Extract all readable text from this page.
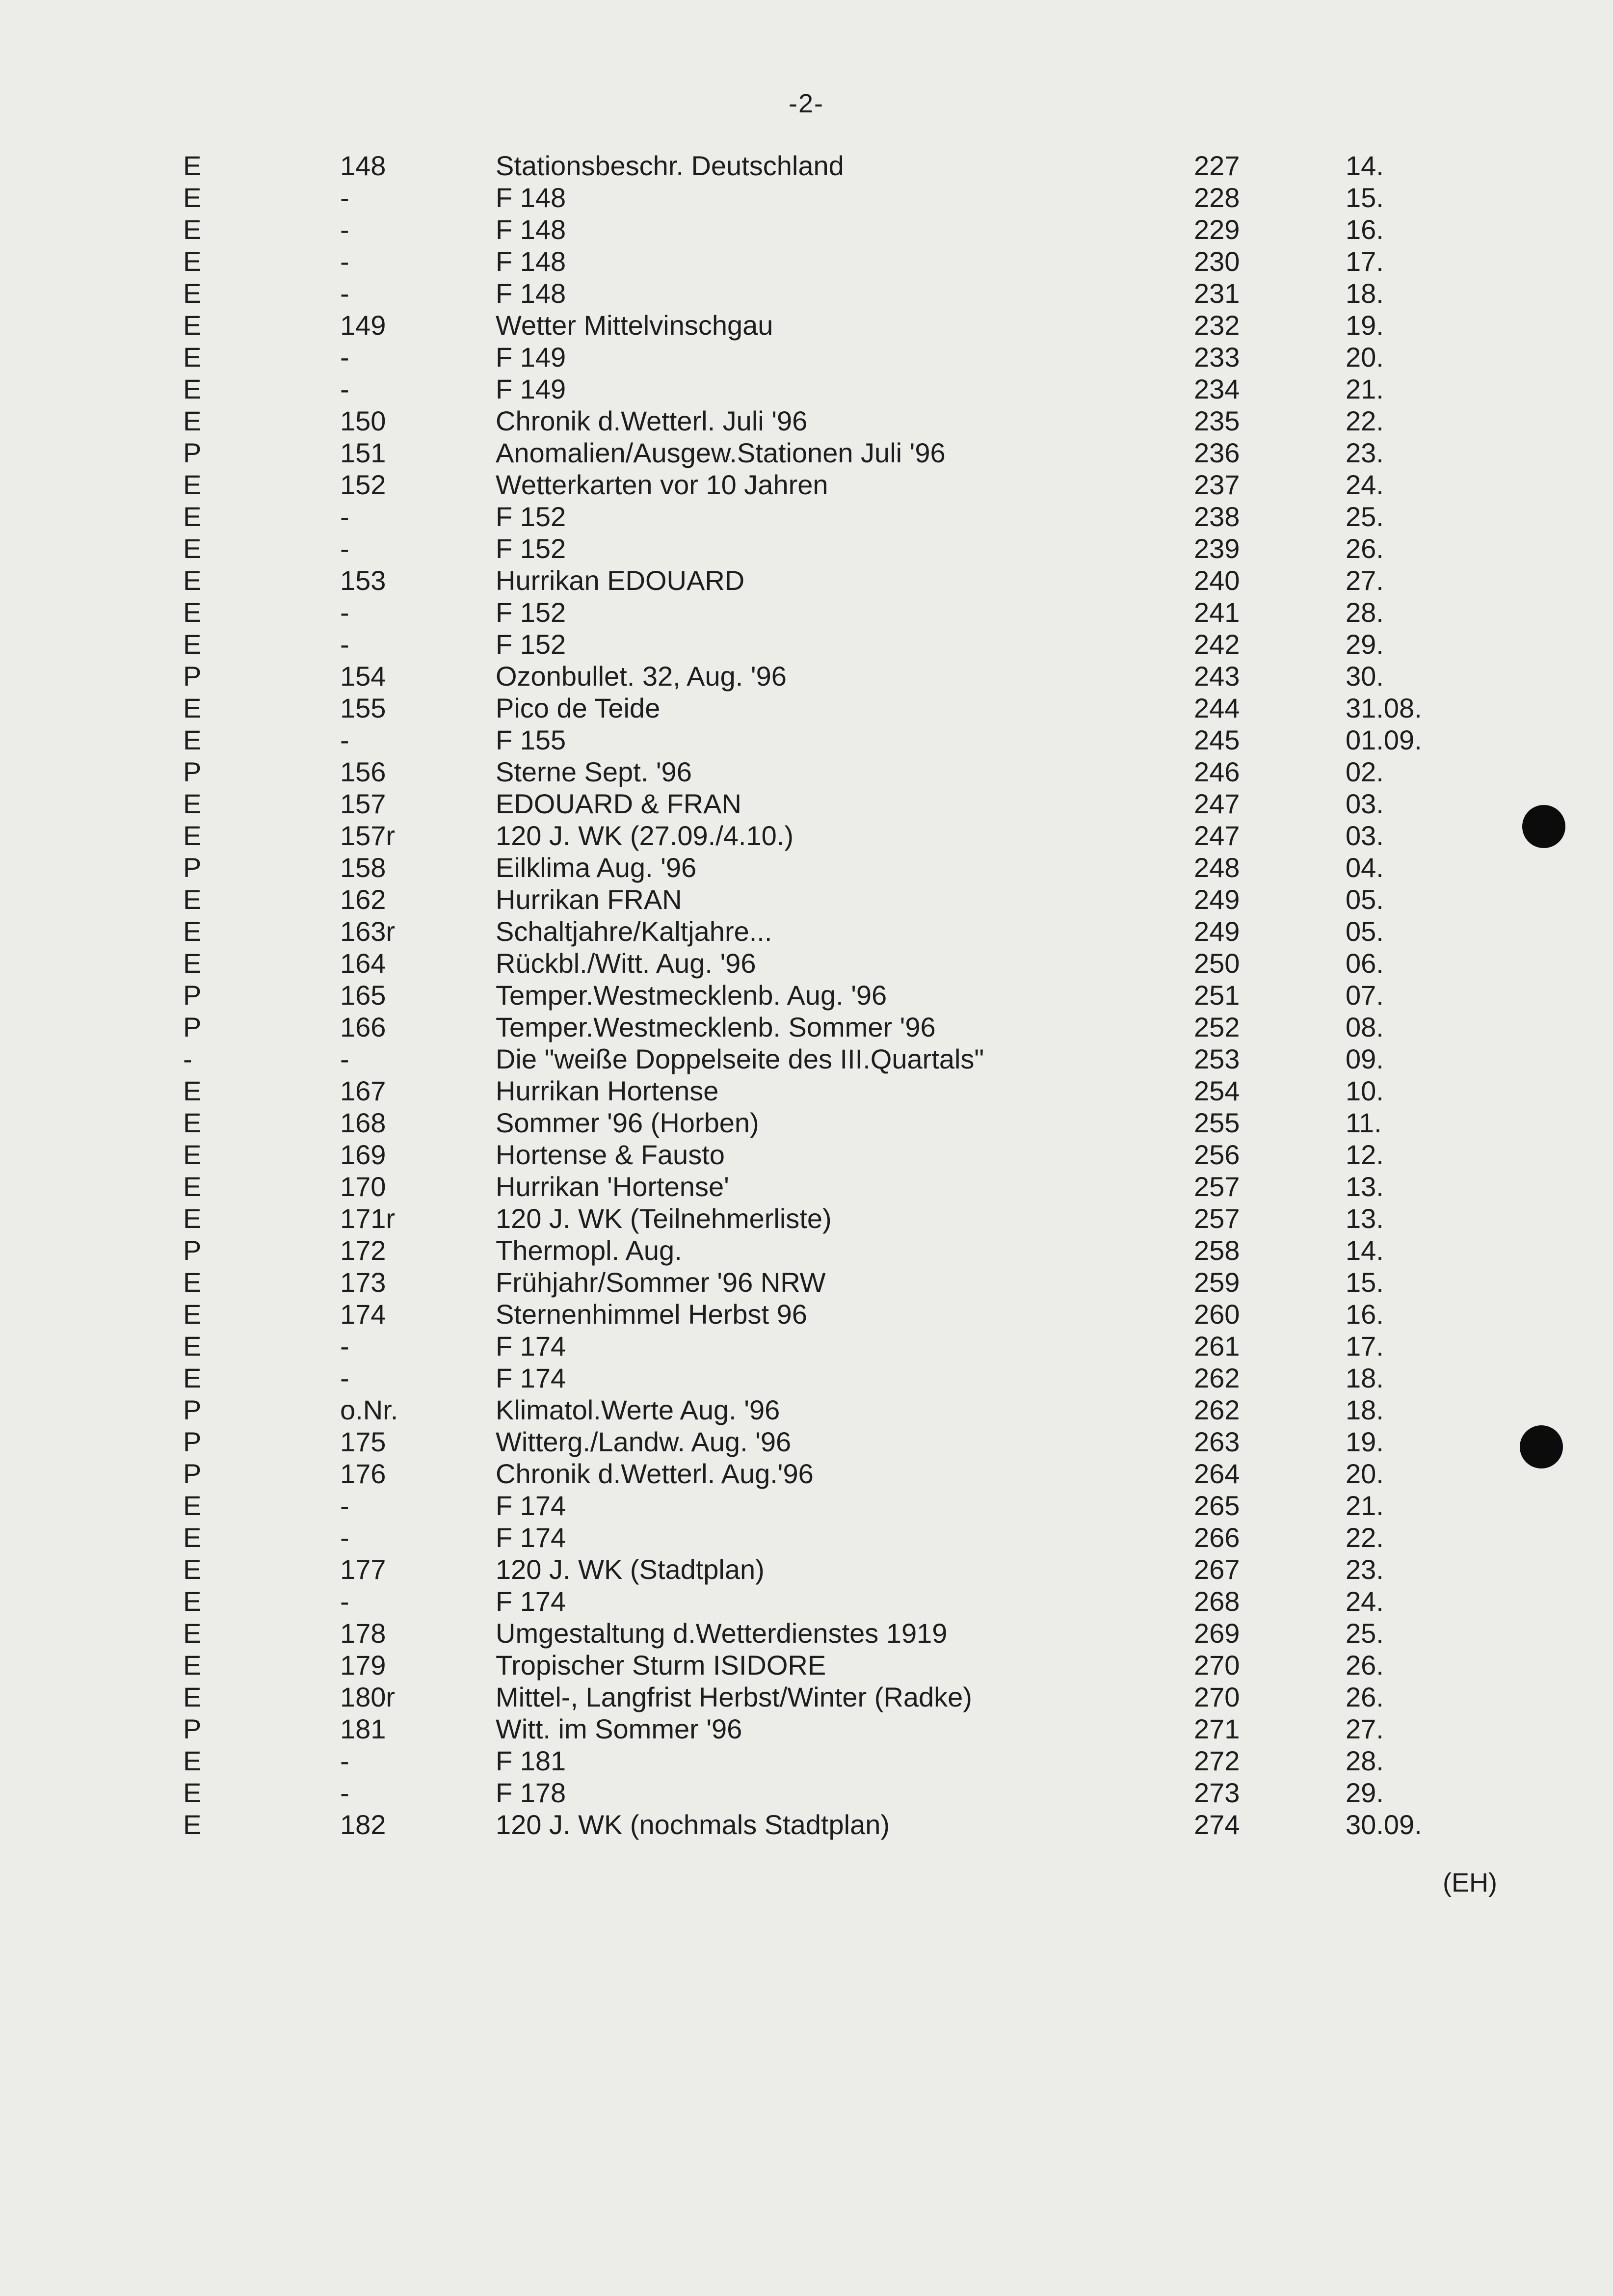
-2-
E	148	Stationsbeschr. Deutschland	227	14.
E	-	F 148	228	15.
E	-	F 148	229	16.
E	-	F 148	230	17.
E	-	F 148	231	18.
E	149	Wetter Mittelvinschgau	232	19.
E	-	F 149	233	20.
E	-	F 149	234	21.
E	150	Chronik d.Wetterl. Juli '96	235	22.
P	151	Anomalien/Ausgew.Stationen Juli '96	236	23.
E	152	Wetterkarten vor 10 Jahren	237	24.
E	-	F 152	238	25.
E	-	F 152	239	26.
E	153	Hurrikan EDOUARD	240	27.
E	-	F 152	241	28.
E	-	F 152	242	29.
P	154	Ozonbullet. 32, Aug. '96	243	30.
E	155	Pico de Teide	244	31.08.
E	-	F 155	245	01.09.
P	156	Sterne Sept. '96	246	02.
E	157	EDOUARD & FRAN	247	03.
E	157r	120 J. WK (27.09./4.10.)	247	03.
P	158	Eilklima Aug. '96	248	04.
E	162	Hurrikan FRAN	249	05.
E	163r	Schaltjahre/Kaltjahre...	249	05.
E	164	Rückbl./Witt. Aug. '96	250	06.
P	165	Temper.Westmecklenb. Aug. '96	251	07.
P	166	Temper.Westmecklenb. Sommer '96	252	08.
-	-	Die "weiße Doppelseite des III.Quartals"	253	09.
E	167	Hurrikan Hortense	254	10.
E	168	Sommer '96 (Horben)	255	11.
E	169	Hortense & Fausto	256	12.
E	170	Hurrikan 'Hortense'	257	13.
E	171r	120 J. WK (Teilnehmerliste)	257	13.
P	172	Thermopl. Aug.	258	14.
E	173	Frühjahr/Sommer '96 NRW	259	15.
E	174	Sternenhimmel Herbst 96	260	16.
E	-	F 174	261	17.
E	-	F 174	262	18.
P	o.Nr.	Klimatol.Werte Aug. '96	262	18.
P	175	Witterg./Landw. Aug. '96	263	19.
P	176	Chronik d.Wetterl. Aug.'96	264	20.
E	-	F 174	265	21.
E	-	F 174	266	22.
E	177	120 J. WK (Stadtplan)	267	23.
E	-	F 174	268	24.
E	178	Umgestaltung d.Wetterdienstes 1919	269	25.
E	179	Tropischer Sturm ISIDORE	270	26.
E	180r	Mittel-, Langfrist Herbst/Winter (Radke)	270	26.
P	181	Witt. im Sommer '96	271	27.
E	-	F 181	272	28.
E	-	F 178	273	29.
E	182	120 J. WK (nochmals Stadtplan)	274	30.09.
(EH)
